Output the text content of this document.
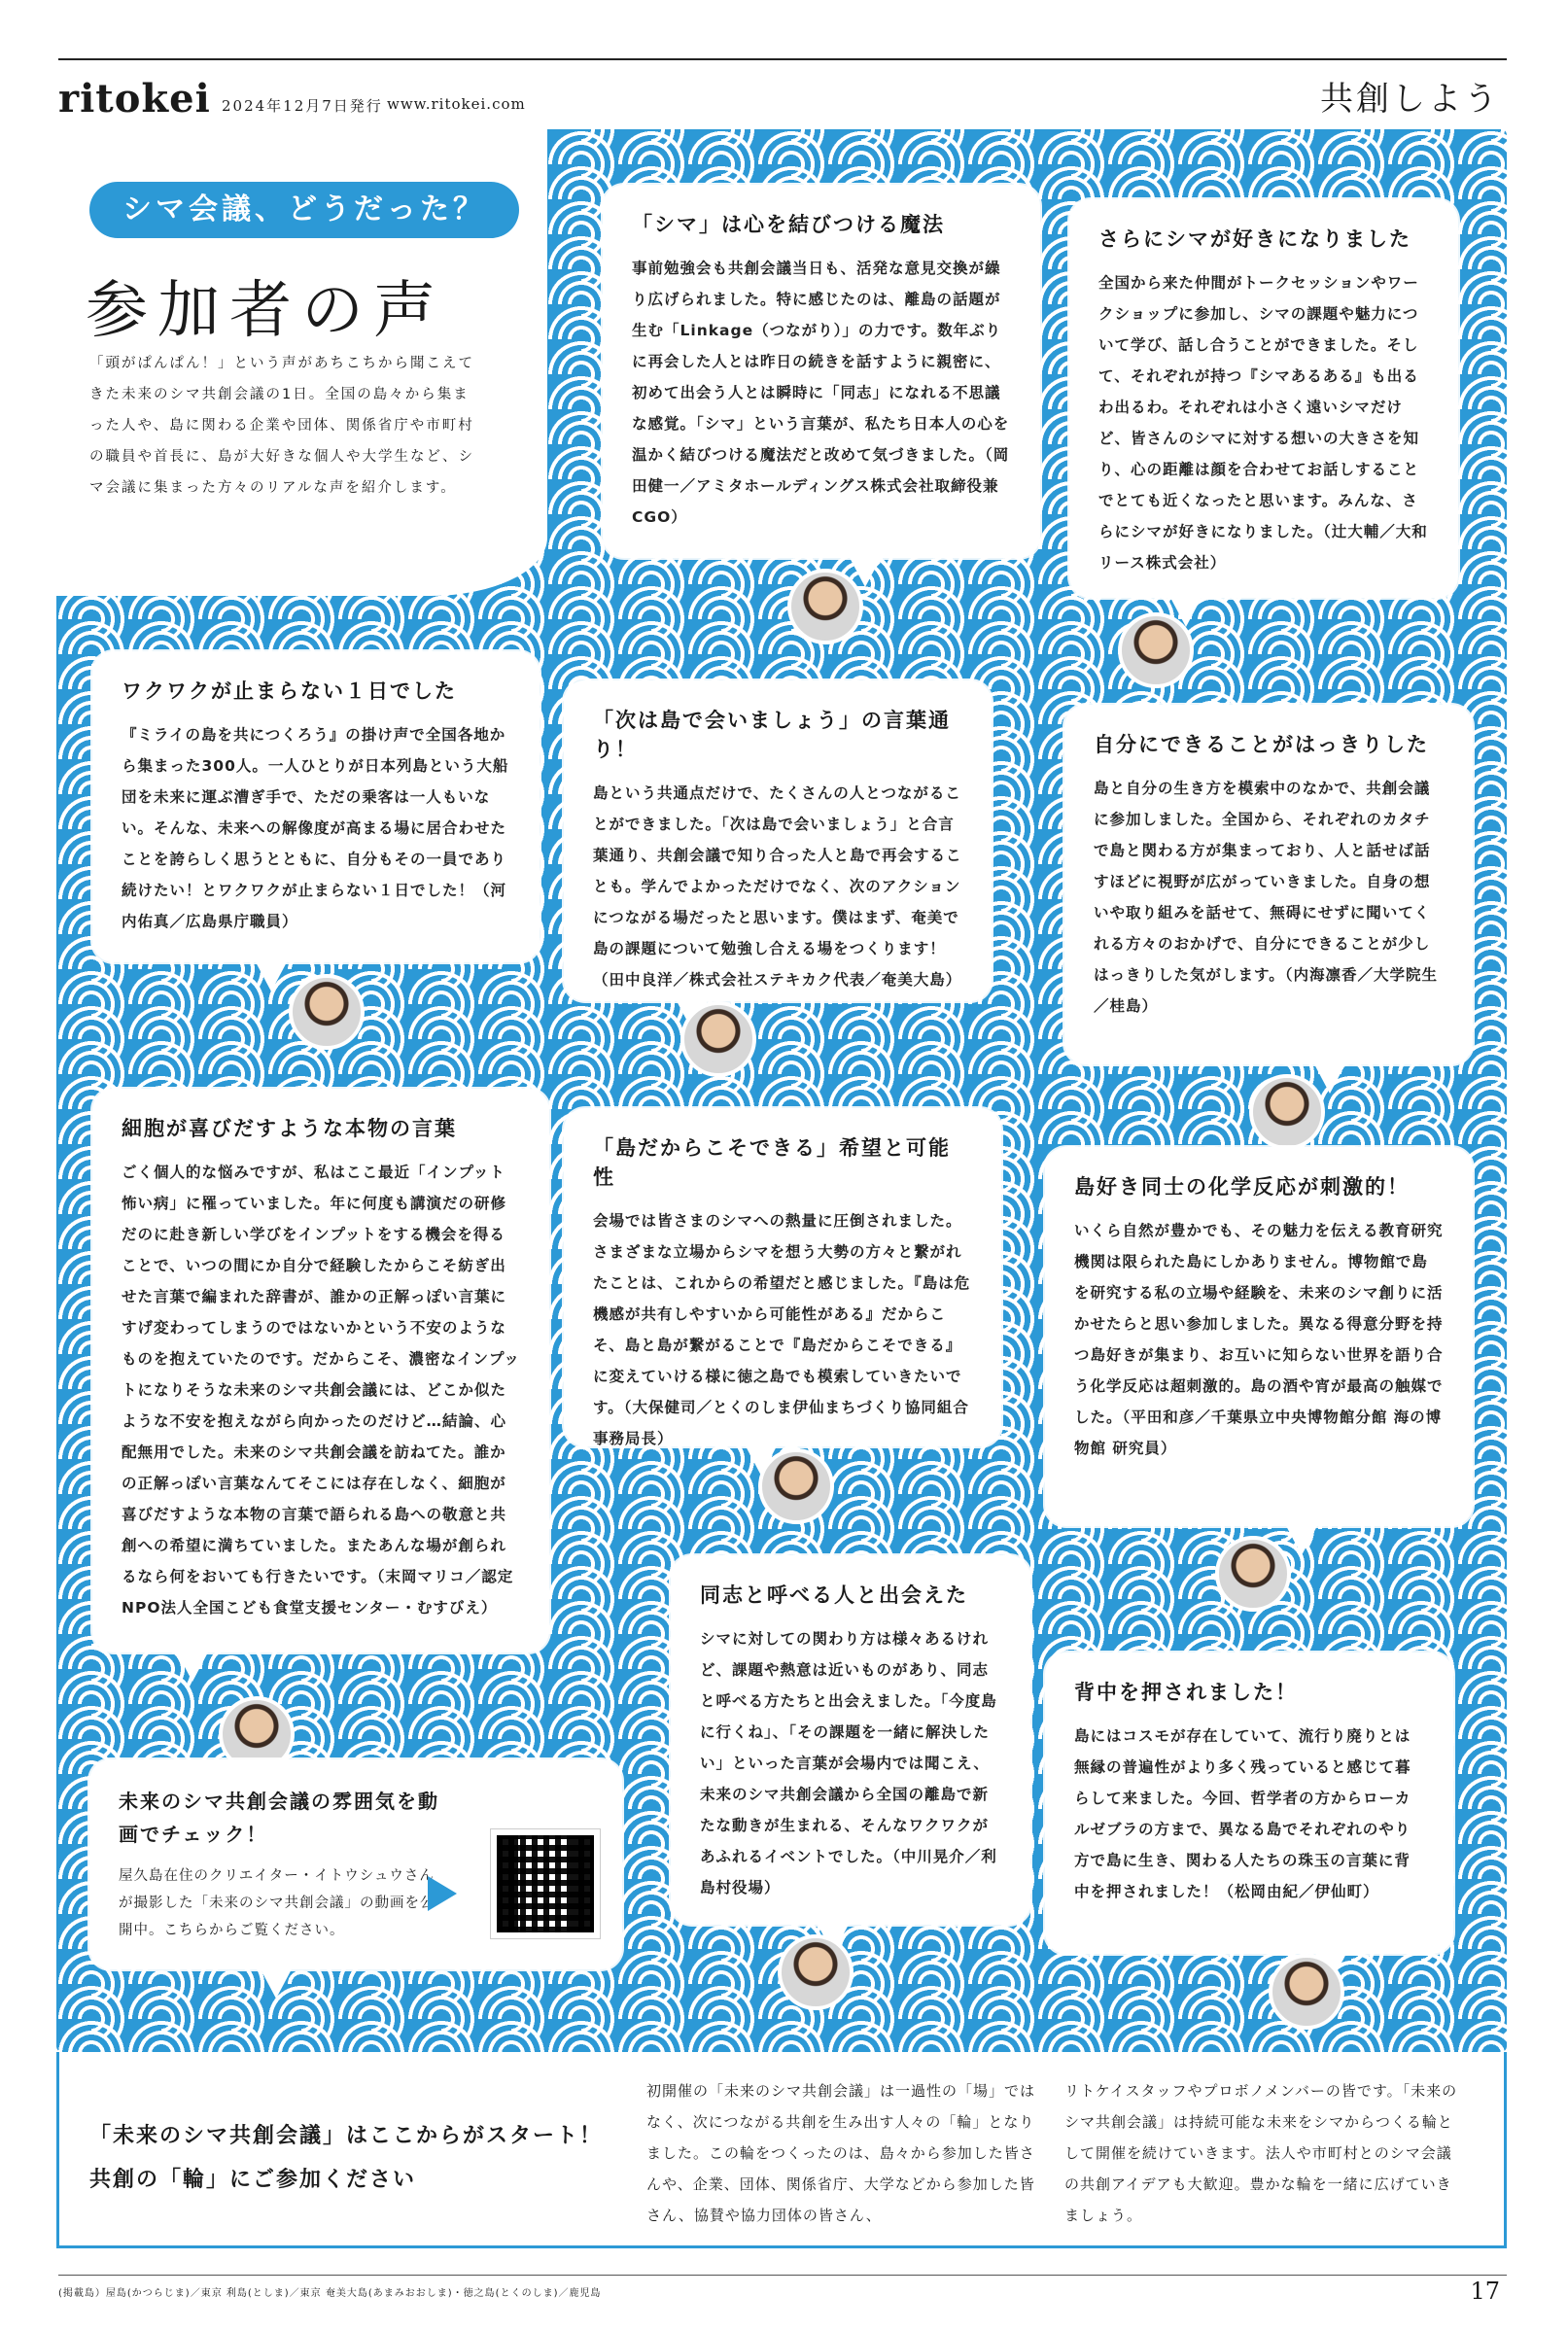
ritokei 2024年12月7日発行 www.ritokei.com	共創しよう
シマ会議、どうだった？
参加者の声
「頭がぱんぱん！」という声があちこちから聞こえてきた未来のシマ共創会議の1日。全国の島々から集まった人や、島に関わる企業や団体、関係省庁や市町村の職員や首長に、島が大好きな個人や大学生など、シマ会議に集まった方々のリアルな声を紹介します。
「シマ」は心を結びつける魔法

事前勉強会も共創会議当日も、活発な意見交換が繰り広げられました。特に感じたのは、離島の話題が生む「Linkage（つながり）」の力です。数年ぶりに再会した人とは昨日の続きを話すように親密に、初めて出会う人とは瞬時に「同志」になれる不思議な感覚。「シマ」という言葉が、私たち日本人の心を温かく結びつける魔法だと改めて気づきました。（岡田健一／アミタホールディングス株式会社取締役兼CGO）

さらにシマが好きになりました

全国から来た仲間がトークセッションやワークショップに参加し、シマの課題や魅力について学び、話し合うことができました。そして、それぞれが持つ『シマあるある』も出るわ出るわ。それぞれは小さく遠いシマだけど、皆さんのシマに対する想いの大きさを知り、心の距離は顔を合わせてお話しすることでとても近くなったと思います。みんな、さらにシマが好きになりました。（辻大輔／大和リース株式会社）

ワクワクが止まらない１日でした

『ミライの島を共につくろう』の掛け声で全国各地から集まった300人。一人ひとりが日本列島という大船団を未来に運ぶ漕ぎ手で、ただの乗客は一人もいない。そんな、未来への解像度が高まる場に居合わせたことを誇らしく思うとともに、自分もその一員であり続けたい！とワクワクが止まらない１日でした！（河内佑真／広島県庁職員）

「次は島で会いましょう」の言葉通り！

島という共通点だけで、たくさんの人とつながることができました。「次は島で会いましょう」と合言葉通り、共創会議で知り合った人と島で再会することも。学んでよかっただけでなく、次のアクションにつながる場だったと思います。僕はまず、奄美で島の課題について勉強し合える場をつくります！（田中良洋／株式会社ステキカク代表／奄美大島）

自分にできることがはっきりした

島と自分の生き方を模索中のなかで、共創会議に参加しました。全国から、それぞれのカタチで島と関わる方が集まっており、人と話せば話すほどに視野が広がっていきました。自身の想いや取り組みを話せて、無碍にせずに聞いてくれる方々のおかげで、自分にできることが少しはっきりした気がします。（内海凛香／大学院生／桂島）

細胞が喜びだすような本物の言葉

ごく個人的な悩みですが、私はここ最近「インプット怖い病」に罹っていました。年に何度も講演だの研修だのに赴き新しい学びをインプットをする機会を得ることで、いつの間にか自分で経験したからこそ紡ぎ出せた言葉で編まれた辞書が、誰かの正解っぽい言葉にすげ変わってしまうのではないかという不安のようなものを抱えていたのです。だからこそ、濃密なインプットになりそうな未来のシマ共創会議には、どこか似たような不安を抱えながら向かったのだけど…結論、心配無用でした。未来のシマ共創会議を訪ねてた。誰かの正解っぽい言葉なんてそこには存在しなく、細胞が喜びだすような本物の言葉で語られる島への敬意と共創への希望に満ちていました。またあんな場が創られるなら何をおいても行きたいです。（末岡マリコ／認定NPO法人全国こども食堂支援センター・むすびえ）

「島だからこそできる」希望と可能性

会場では皆さまのシマへの熱量に圧倒されました。さまざまな立場からシマを想う大勢の方々と繋がれたことは、これからの希望だと感じました。『島は危機感が共有しやすいから可能性がある』だからこそ、島と島が繋がることで『島だからこそできる』に変えていける様に徳之島でも模索していきたいです。（大保健司／とくのしま伊仙まちづくり協同組合 事務局長）

島好き同士の化学反応が刺激的！

いくら自然が豊かでも、その魅力を伝える教育研究機関は限られた島にしかありません。博物館で島を研究する私の立場や経験を、未来のシマ創りに活かせたらと思い参加しました。異なる得意分野を持つ島好きが集まり、お互いに知らない世界を語り合う化学反応は超刺激的。島の酒や宵が最高の触媒でした。（平田和彦／千葉県立中央博物館分館 海の博物館 研究員）

同志と呼べる人と出会えた

シマに対しての関わり方は様々あるけれど、課題や熱意は近いものがあり、同志と呼べる方たちと出会えました。「今度島に行くね」、「その課題を一緒に解決したい」といった言葉が会場内では聞こえ、未来のシマ共創会議から全国の離島で新たな動きが生まれる、そんなワクワクがあふれるイベントでした。（中川晃介／利島村役場）

背中を押されました！

島にはコスモが存在していて、流行り廃りとは無縁の普遍性がより多く残っていると感じて暮らして来ました。今回、哲学者の方からローカルゼブラの方まで、異なる島でそれぞれのやり方で島に生き、関わる人たちの珠玉の言葉に背中を押されました！（松岡由紀／伊仙町）

未来のシマ共創会議の雰囲気を動画でチェック！

屋久島在住のクリエイター・イトウシュウさんが撮影した「未来のシマ共創会議」の動画を公開中。こちらからご覧ください。

「未来のシマ共創会議」はここからがスタート！
共創の「輪」にご参加ください
初開催の「未来のシマ共創会議」は一過性の「場」ではなく、次につながる共創を生み出す人々の「輪」となりました。この輪をつくったのは、島々から参加した皆さんや、企業、団体、関係省庁、大学などから参加した皆さん、協賛や協力団体の皆さん、
リトケイスタッフやプロボノメンバーの皆です。「未来のシマ共創会議」は持続可能な未来をシマからつくる輪として開催を続けていきます。法人や市町村とのシマ会議の共創アイデアも大歓迎。豊かな輪を一緒に広げていきましょう。
(掲載島）屋島(かつらじま)／東京 利島(としま)／東京 奄美大島(あまみおおしま)・徳之島(とくのしま)／鹿児島	17
